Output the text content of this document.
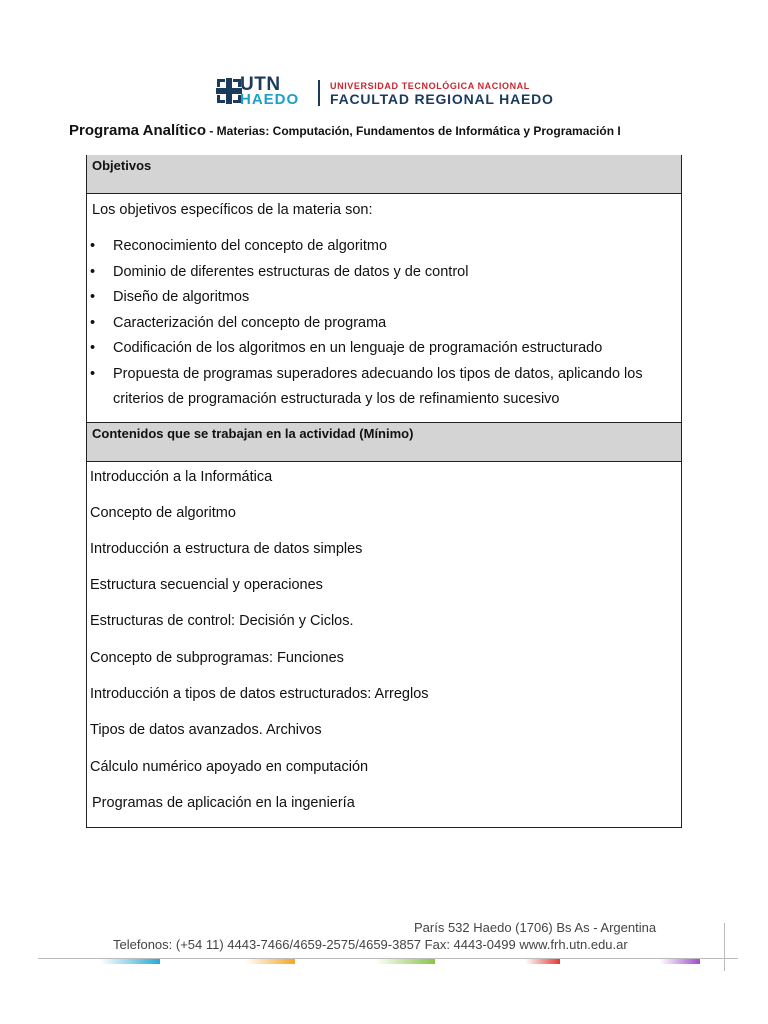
UTN
HAEDO
UNIVERSIDAD TECNOLÓGICA NACIONAL
FACULTAD REGIONAL HAEDO
Programa Analítico - Materias: Computación, Fundamentos de Informática y Programación I
Objetivos
Los objetivos específicos de la materia son:
• Reconocimiento del concepto de algoritmo
• Dominio de diferentes estructuras de datos y de control
• Diseño de algoritmos
• Caracterización del concepto de programa
• Codificación de los algoritmos en un lenguaje de programación estructurado
• Propuesta de programas superadores adecuando los tipos de datos, aplicando los criterios de programación estructurada y los de refinamiento sucesivo
Contenidos que se trabajan en la actividad (Mínimo)
Introducción a la Informática
Concepto de algoritmo
Introducción a estructura de datos simples
Estructura secuencial y operaciones
Estructuras de control: Decisión y Ciclos.
Concepto de subprogramas: Funciones
Introducción a tipos de datos estructurados: Arreglos
Tipos de datos avanzados. Archivos
Cálculo numérico apoyado en computación
Programas de aplicación en la ingeniería
París 532 Haedo (1706) Bs As - Argentina
Telefonos: (+54 11) 4443-7466/4659-2575/4659-3857 Fax: 4443-0499 www.frh.utn.edu.ar
